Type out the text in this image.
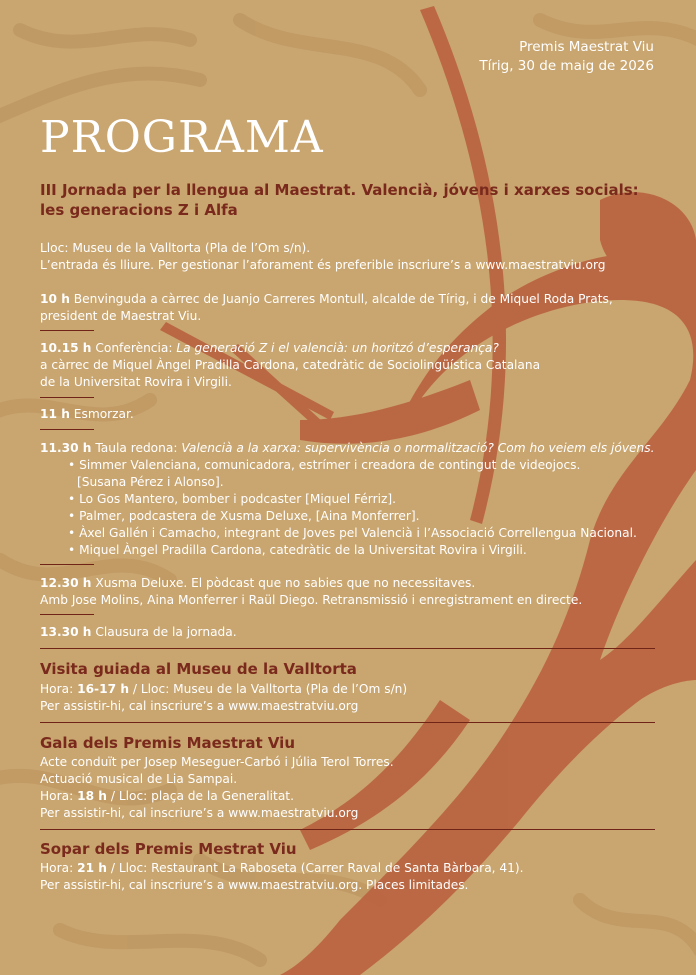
Premis Maestrat Viu
Tírig, 30 de maig de 2026
PROGRAMA
III Jornada per la llengua al Maestrat. Valencià, jóvens i xarxes socials:
les generacions Z i Alfa

Lloc: Museu de la Valltorta (Pla de l’Om s/n).

L’entrada és lliure. Per gestionar l’aforament és preferible inscriure’s a www.maestratviu.org

10 h Benvinguda a càrrec de Juanjo Carreres Montull, alcalde de Tírig, i de Miquel Roda Prats,

president de Maestrat Viu.

10.15 h Conferència: La generació Z i el valencià: un horitzó d’esperança?

a càrrec de Miquel Àngel Pradilla Cardona, catedràtic de Sociolingüística Catalana

de la Universitat Rovira i Virgili.

11 h Esmorzar.

11.30 h Taula redona: Valencià a la xarxa: supervivència o normalització? Com ho veiem els jóvens.

• Simmer Valenciana, comunicadora, estrímer i creadora de contingut de videojocs.
[Susana Pérez i Alonso].
• Lo Gos Mantero, bomber i podcaster [Miquel Férriz].
• Palmer, podcastera de Xusma Deluxe, [Aina Monferrer].
• Àxel Gallén i Camacho, integrant de Joves pel Valencià i l’Associació Correllengua Nacional.
• Miquel Àngel Pradilla Cardona, catedràtic de la Universitat Rovira i Virgili.

12.30 h Xusma Deluxe. El pòdcast que no sabies que no necessitaves.

Amb Jose Molins, Aina Monferrer i Raül Diego. Retransmissió i enregistrament en directe.

13.30 h Clausura de la jornada.

Visita guiada al Museu de la Valltorta

Hora: 16-17 h / Lloc: Museu de la Valltorta (Pla de l’Om s/n)

Per assistir-hi, cal inscriure’s a www.maestratviu.org

Gala dels Premis Maestrat Viu

Acte conduït per Josep Meseguer-Carbó i Júlia Terol Torres.

Actuació musical de Lia Sampai.

Hora: 18 h / Lloc: plaça de la Generalitat.

Per assistir-hi, cal inscriure’s a www.maestratviu.org

Sopar dels Premis Mestrat Viu

Hora: 21 h / Lloc: Restaurant La Raboseta (Carrer Raval de Santa Bàrbara, 41).

Per assistir-hi, cal inscriure’s a www.maestratviu.org. Places limitades.
